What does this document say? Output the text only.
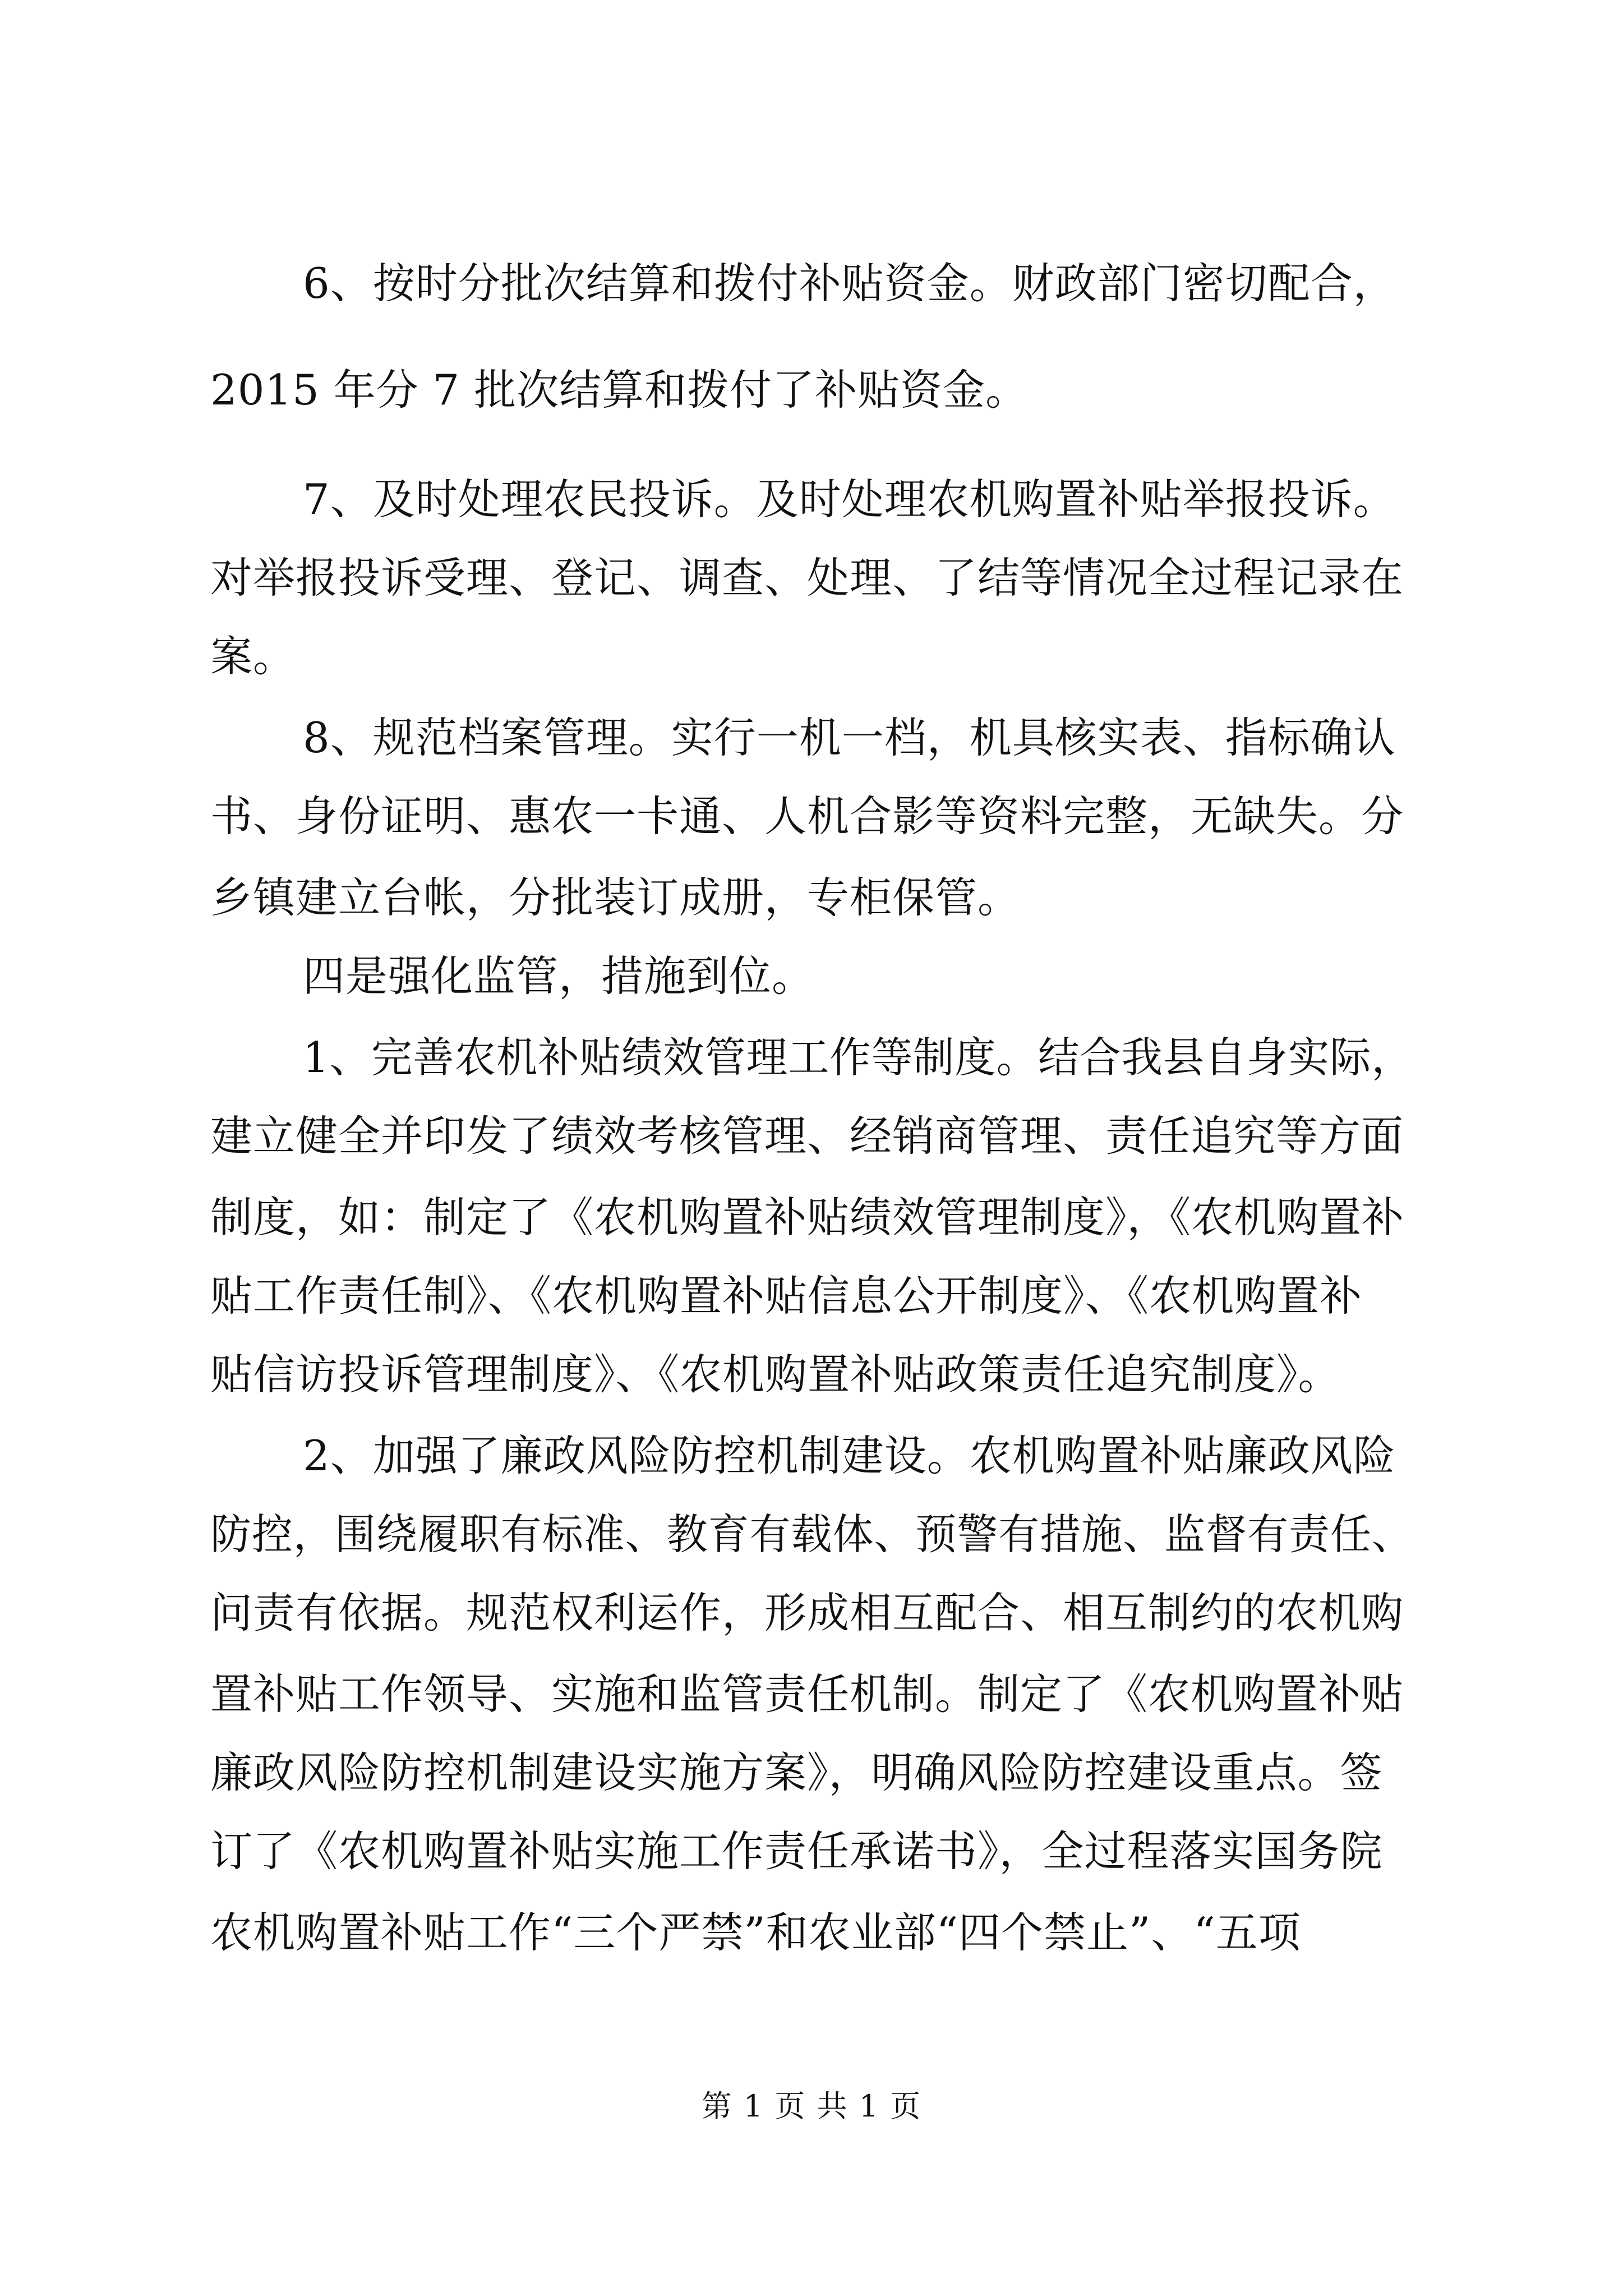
6、按时分批次结算和拨付补贴资金。财政部门密切配合，
2015 年分 7 批次结算和拨付了补贴资金。
7、及时处理农民投诉。及时处理农机购置补贴举报投诉。
对举报投诉受理、登记、调查、处理、了结等情况全过程记录在
案。
8、规范档案管理。实行一机一档，机具核实表、指标确认
书、身份证明、惠农一卡通、人机合影等资料完整，无缺失。分
乡镇建立台帐，分批装订成册，专柜保管。
四是强化监管，措施到位。
1、完善农机补贴绩效管理工作等制度。结合我县自身实际，
建立健全并印发了绩效考核管理、经销商管理、责任追究等方面
制度，如：制定了《农机购置补贴绩效管理制度》，《农机购置补
贴工作责任制》、《农机购置补贴信息公开制度》、《农机购置补
贴信访投诉管理制度》、《农机购置补贴政策责任追究制度》。
2、加强了廉政风险防控机制建设。农机购置补贴廉政风险
防控，围绕履职有标准、教育有载体、预警有措施、监督有责任、
问责有依据。规范权利运作，形成相互配合、相互制约的农机购
置补贴工作领导、实施和监管责任机制。制定了《农机购置补贴
廉政风险防控机制建设实施方案》，明确风险防控建设重点。签
订了《农机购置补贴实施工作责任承诺书》，全过程落实国务院
农机购置补贴工作“三个严禁”和农业部“四个禁止”、“五项
第 1 页 共 1 页
